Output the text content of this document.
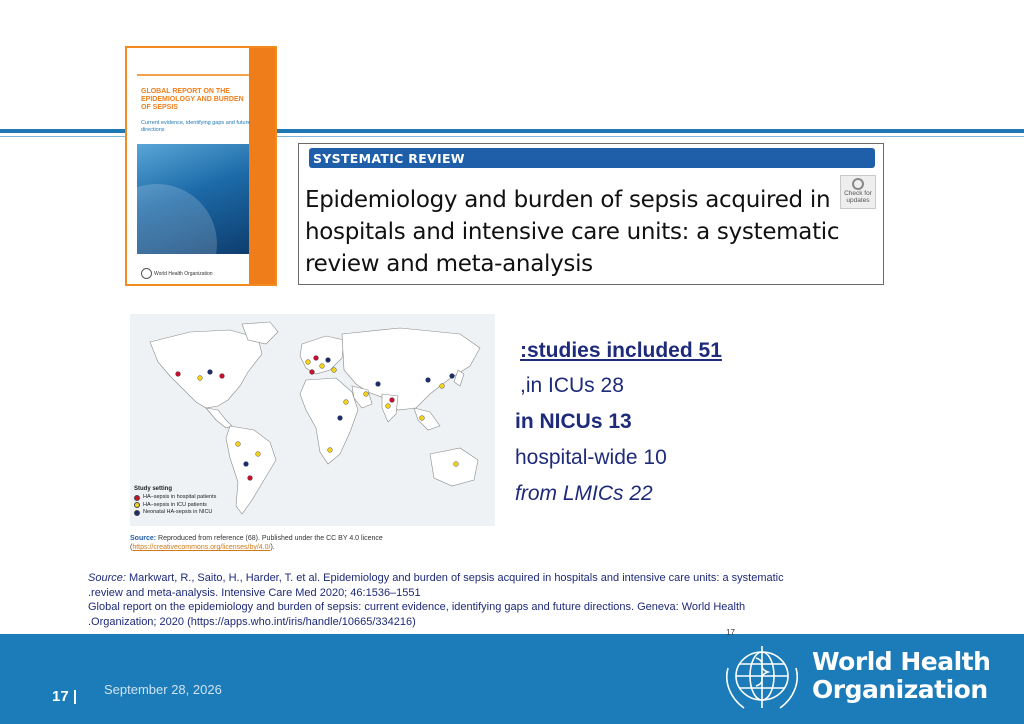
GLOBAL REPORT ON THE EPIDEMIOLOGY AND BURDEN OF SEPSIS
Current evidence, identifying gaps and future directions
World Health Organization
SYSTEMATIC REVIEW
Epidemiology and burden of sepsis acquired in hospitals and intensive care units: a systematic review and meta-analysis
Check for updates
Study setting
HA–sepsis in hospital patients
HA–sepsis in ICU patients
Neonatal HA-sepsis in NICU
Source: Reproduced from reference (68). Published under the CC BY 4.0 licence (https://creativecommons.org/licenses/by/4.0/).
:studies included 51
,in ICUs 28
in NICUs 13
hospital-wide 10
from LMICs 22

Source: Markwart, R., Saito, H., Harder, T. et al. Epidemiology and burden of sepsis acquired in hospitals and intensive care units: a systematic

.review and meta-analysis. Intensive Care Med 2020; 46:1536–1551

Global report on the epidemiology and burden of sepsis: current evidence, identifying gaps and future directions. Geneva: World Health

.Organization; 2020 (https://apps.who.int/iris/handle/10665/334216)

17
17 | September 28, 2026
World Health
Organization
